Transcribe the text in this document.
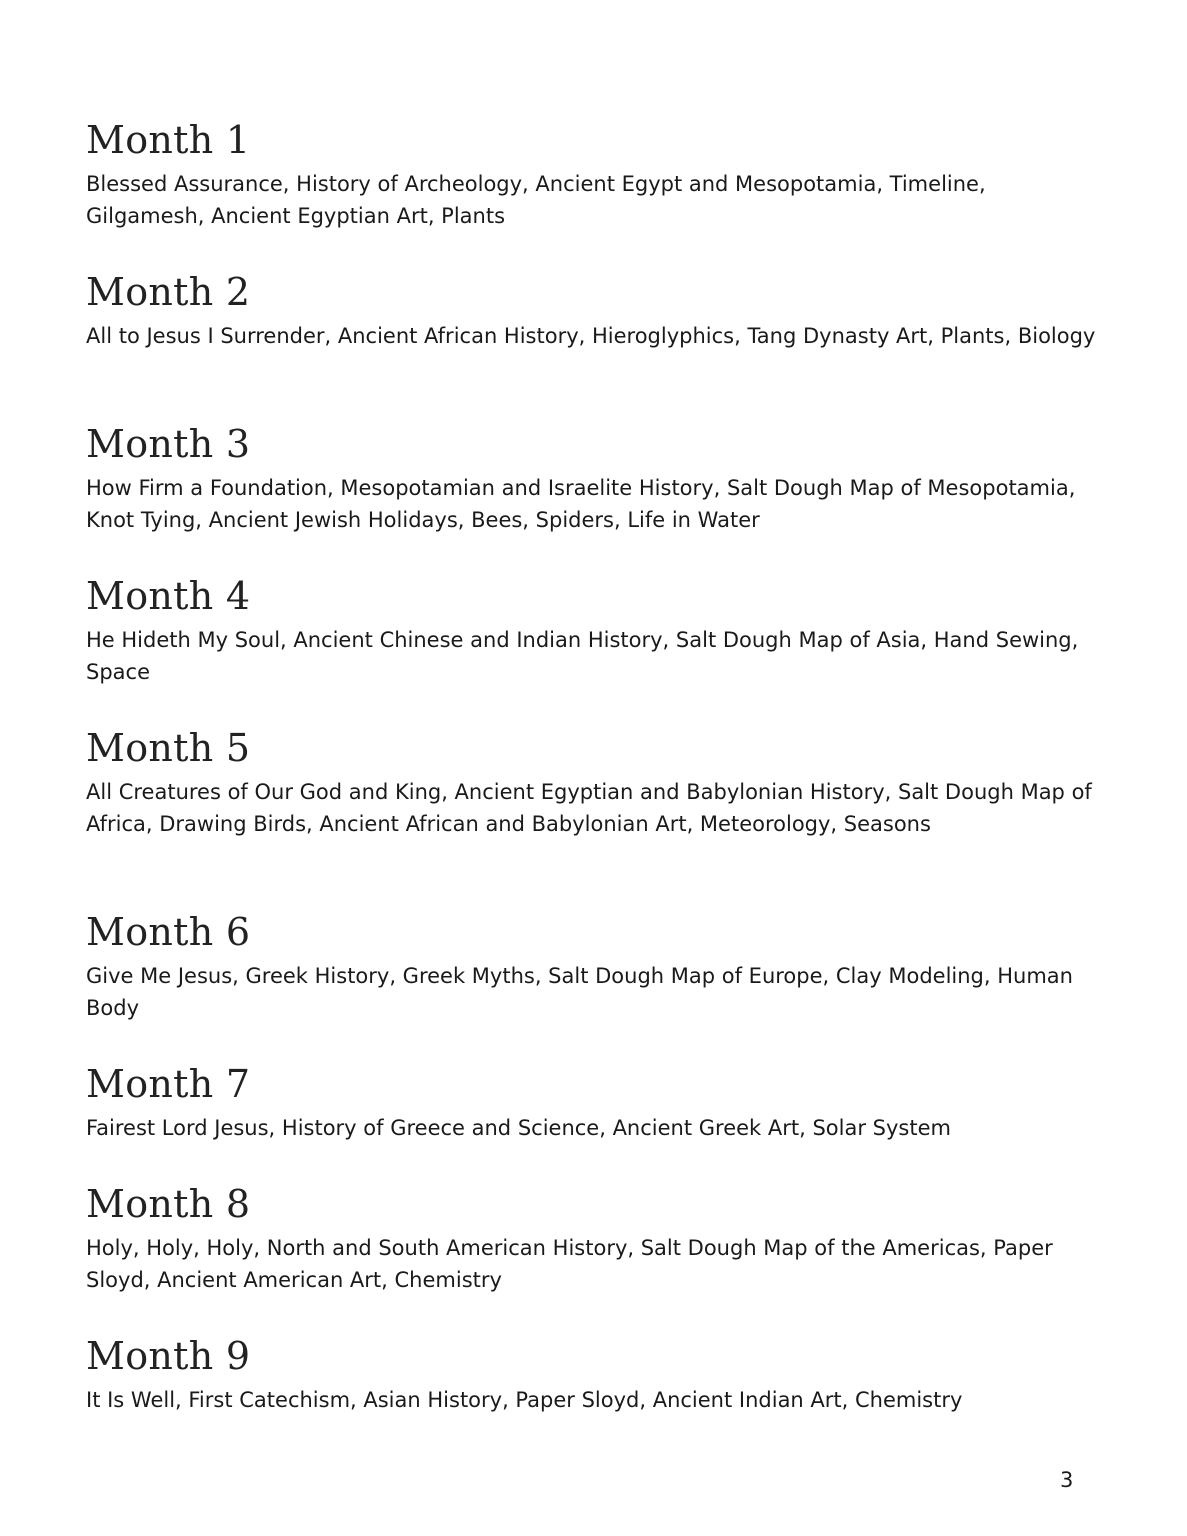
Month 1

Blessed Assurance, History of Archeology, Ancient Egypt and Mesopotamia, Timeline, Gilgamesh, Ancient Egyptian Art, Plants

Month 2

All to Jesus I Surrender, Ancient African History, Hieroglyphics, Tang Dynasty Art, Plants, Biology

Month 3

How Firm a Foundation, Mesopotamian and Israelite History, Salt Dough Map of Mesopotamia, Knot Tying, Ancient Jewish Holidays, Bees, Spiders, Life in Water

Month 4

He Hideth My Soul, Ancient Chinese and Indian History, Salt Dough Map of Asia, Hand Sewing, Space

Month 5

All Creatures of Our God and King, Ancient Egyptian and Babylonian History, Salt Dough Map of Africa, Drawing Birds, Ancient African and Babylonian Art, Meteorology, Seasons

Month 6

Give Me Jesus, Greek History, Greek Myths, Salt Dough Map of Europe, Clay Modeling, Human Body

Month 7

Fairest Lord Jesus, History of Greece and Science, Ancient Greek Art, Solar System

Month 8

Holy, Holy, Holy, North and South American History, Salt Dough Map of the Americas, Paper Sloyd, Ancient American Art, Chemistry

Month 9

It Is Well, First Catechism, Asian History, Paper Sloyd, Ancient Indian Art, Chemistry

3
